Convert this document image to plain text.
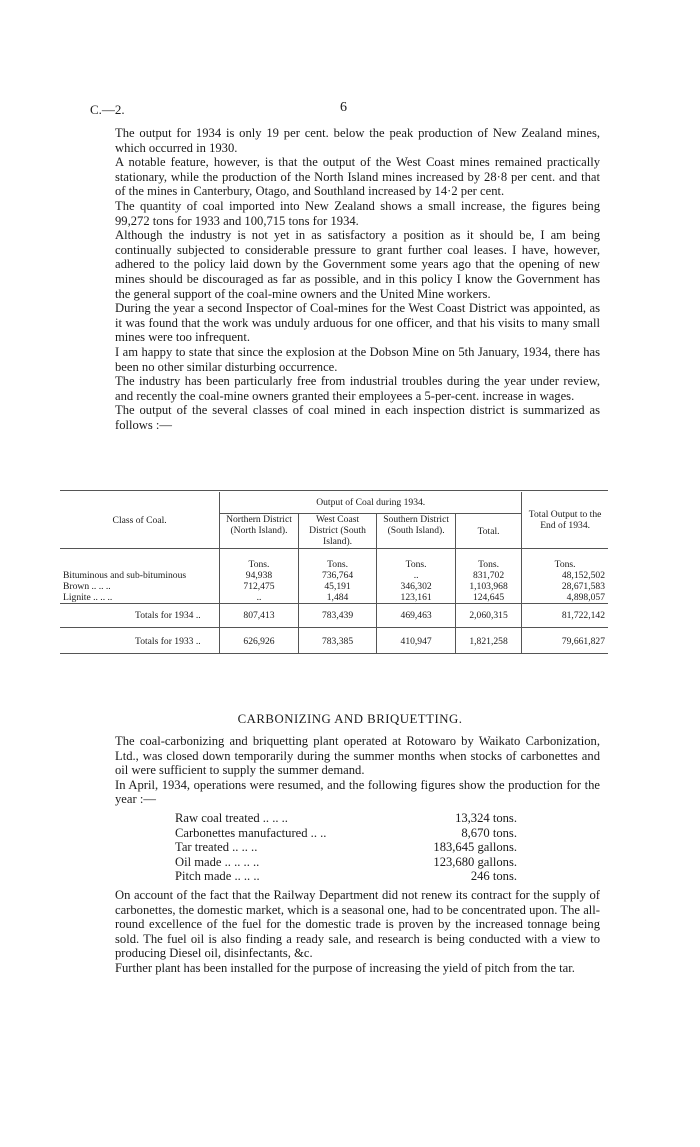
C.—2.	6

The output for 1934 is only 19 per cent. below the peak production of New Zealand mines, which occurred in 1930.

A notable feature, however, is that the output of the West Coast mines remained practically stationary, while the production of the North Island mines increased by 28·8 per cent. and that of the mines in Canterbury, Otago, and Southland increased by 14·2 per cent.

The quantity of coal imported into New Zealand shows a small increase, the figures being 99,272 tons for 1933 and 100,715 tons for 1934.

Although the industry is not yet in as satisfactory a position as it should be, I am being continually subjected to considerable pressure to grant further coal leases. I have, however, adhered to the policy laid down by the Government some years ago that the opening of new mines should be discouraged as far as possible, and in this policy I know the Government has the general support of the coal-mine owners and the United Mine workers.

During the year a second Inspector of Coal-mines for the West Coast District was appointed, as it was found that the work was unduly arduous for one officer, and that his visits to many small mines were too infrequent.

I am happy to state that since the explosion at the Dobson Mine on 5th January, 1934, there has been no other similar disturbing occurrence.

The industry has been particularly free from industrial troubles during the year under review, and recently the coal-mine owners granted their employees a 5-per-cent. increase in wages.

The output of the several classes of coal mined in each inspection district is summarized as follows :—

Class of Coal.	Output of Coal during 1934.				Total Output to the End of 1934.
	Northern District (North Island).	West Coast District (South Island).	Southern District (South Island).	Total.	

	Tons.	Tons.	Tons.	Tons.	Tons.
Bituminous and sub-bituminous	94,938	736,764	..	831,702	48,152,502
Brown .. .. ..	712,475	45,191	346,302	1,103,968	28,671,583
Lignite .. .. ..	..	1,484	123,161	124,645	4,898,057
Totals for 1934 ..	807,413	783,439	469,463	2,060,315	81,722,142
Totals for 1933 ..	626,926	783,385	410,947	1,821,258	79,661,827
CARBONIZING AND BRIQUETTING.

The coal-carbonizing and briquetting plant operated at Rotowaro by Waikato Carbonization, Ltd., was closed down temporarily during the summer months when stocks of carbonettes and oil were sufficient to supply the summer demand.

In April, 1934, operations were resumed, and the following figures show the production for the year :—

Raw coal treated .. .. ..	13,324 tons.
Carbonettes manufactured .. ..	8,670 tons.
Tar treated .. .. ..	183,645 gallons.
Oil made .. .. .. ..	123,680 gallons.
Pitch made .. .. ..	246 tons.

On account of the fact that the Railway Department did not renew its contract for the supply of carbonettes, the domestic market, which is a seasonal one, had to be concentrated upon. The all-round excellence of the fuel for the domestic trade is proven by the increased tonnage being sold. The fuel oil is also finding a ready sale, and research is being conducted with a view to producing Diesel oil, disinfectants, &c.

Further plant has been installed for the purpose of increasing the yield of pitch from the tar.
